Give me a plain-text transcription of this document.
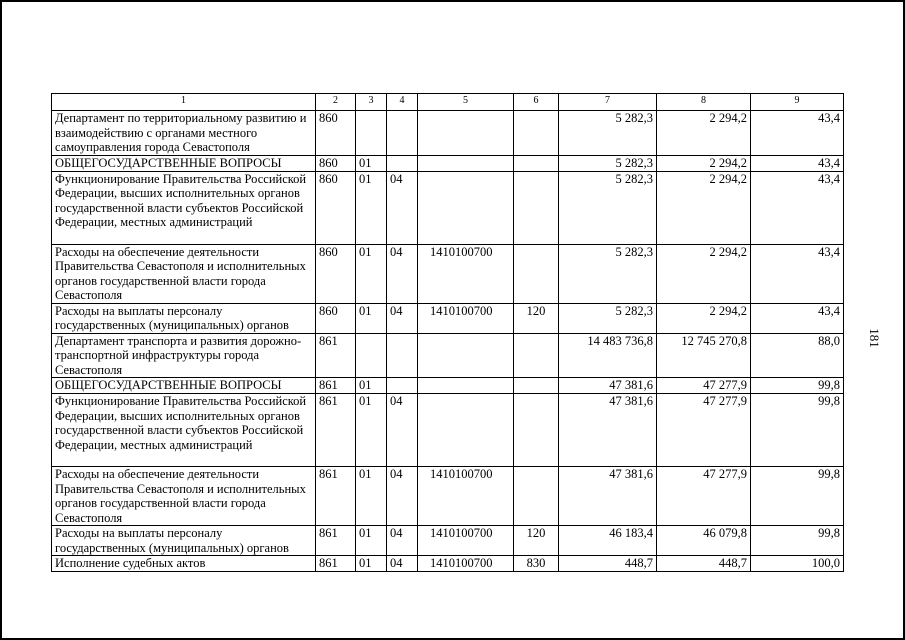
1	2	3	4	5	6	7	8	9
Департамент по территориальному развитию и взаимодействию с органами местного самоуправления города Севастополя	860					5 282,3	2 294,2	43,4
ОБЩЕГОСУДАРСТВЕННЫЕ ВОПРОСЫ	860	01				5 282,3	2 294,2	43,4
Функционирование Правительства Российской Федерации, высших исполнительных органов государственной власти субъектов Российской Федерации, местных администраций	860	01	04			5 282,3	2 294,2	43,4
Расходы на обеспечение деятельности Правительства Севастополя и исполнительных органов государственной власти города Севастополя	860	01	04	1410100700		5 282,3	2 294,2	43,4
Расходы на выплаты персоналу государственных (муниципальных) органов	860	01	04	1410100700	120	5 282,3	2 294,2	43,4
Департамент транспорта и развития дорожно-транспортной инфраструктуры города Севастополя	861					14 483 736,8	12 745 270,8	88,0
ОБЩЕГОСУДАРСТВЕННЫЕ ВОПРОСЫ	861	01				47 381,6	47 277,9	99,8
Функционирование Правительства Российской Федерации, высших исполнительных органов государственной власти субъектов Российской Федерации, местных администраций	861	01	04			47 381,6	47 277,9	99,8
Расходы на обеспечение деятельности Правительства Севастополя и исполнительных органов государственной власти города Севастополя	861	01	04	1410100700		47 381,6	47 277,9	99,8
Расходы на выплаты персоналу государственных (муниципальных) органов	861	01	04	1410100700	120	46 183,4	46 079,8	99,8
Исполнение судебных актов	861	01	04	1410100700	830	448,7	448,7	100,0
181
